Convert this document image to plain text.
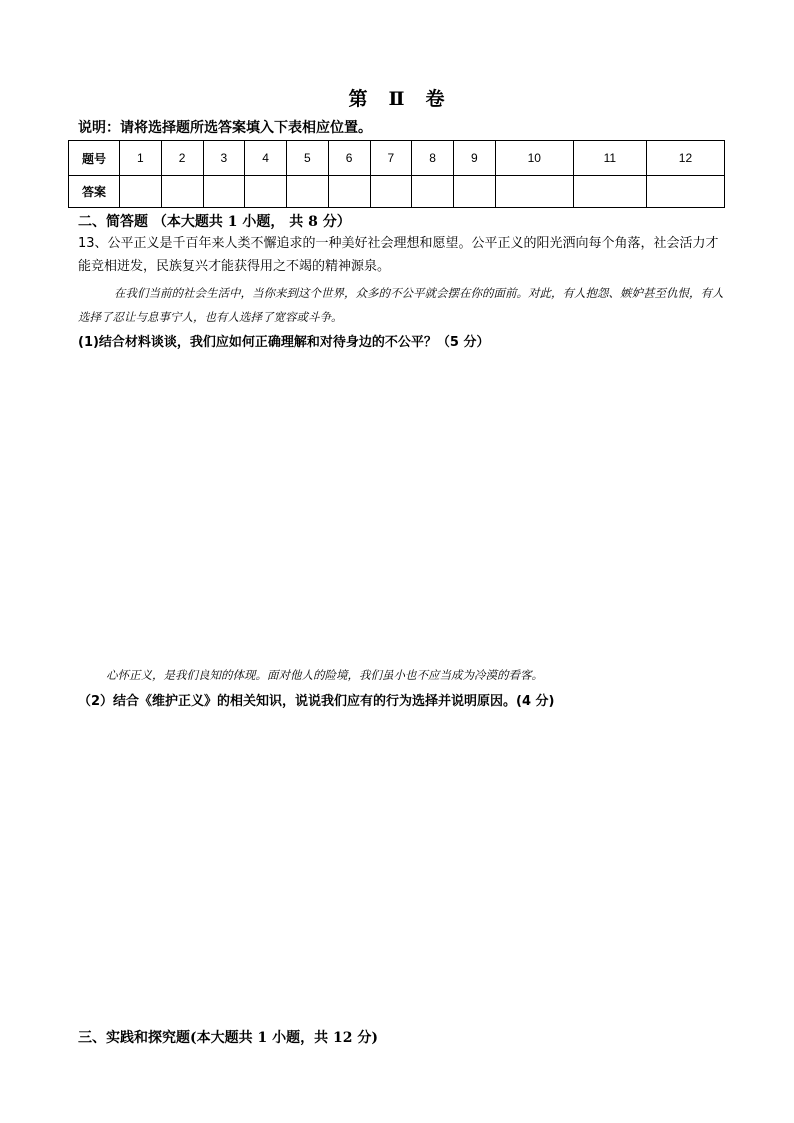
第　Ⅱ　卷
说明：请将选择题所选答案填入下表相应位置。
题号	1	2	3	4	5	6	7	8	9	10	11	12
答案												
二、简答题 （本大题共 1 小题， 共 8 分）
13、公平正义是千百年来人类不懈追求的一种美好社会理想和愿望。公平正义的阳光洒向每个角落，社会活力才能竞相迸发，民族复兴才能获得用之不竭的精神源泉。
在我们当前的社会生活中，当你来到这个世界，众多的不公平就会摆在你的面前。对此，有人抱怨、嫉妒甚至仇恨，有人选择了忍让与息事宁人，也有人选择了宽容或斗争。
(1)结合材料谈谈，我们应如何正确理解和对待身边的不公平？（5 分）
心怀正义，是我们良知的体现。面对他人的险境，我们虽小也不应当成为冷漠的看客。
（2）结合《维护正义》的相关知识，说说我们应有的行为选择并说明原因。(4 分)
三、实践和探究题(本大题共 1 小题，共 12 分)
